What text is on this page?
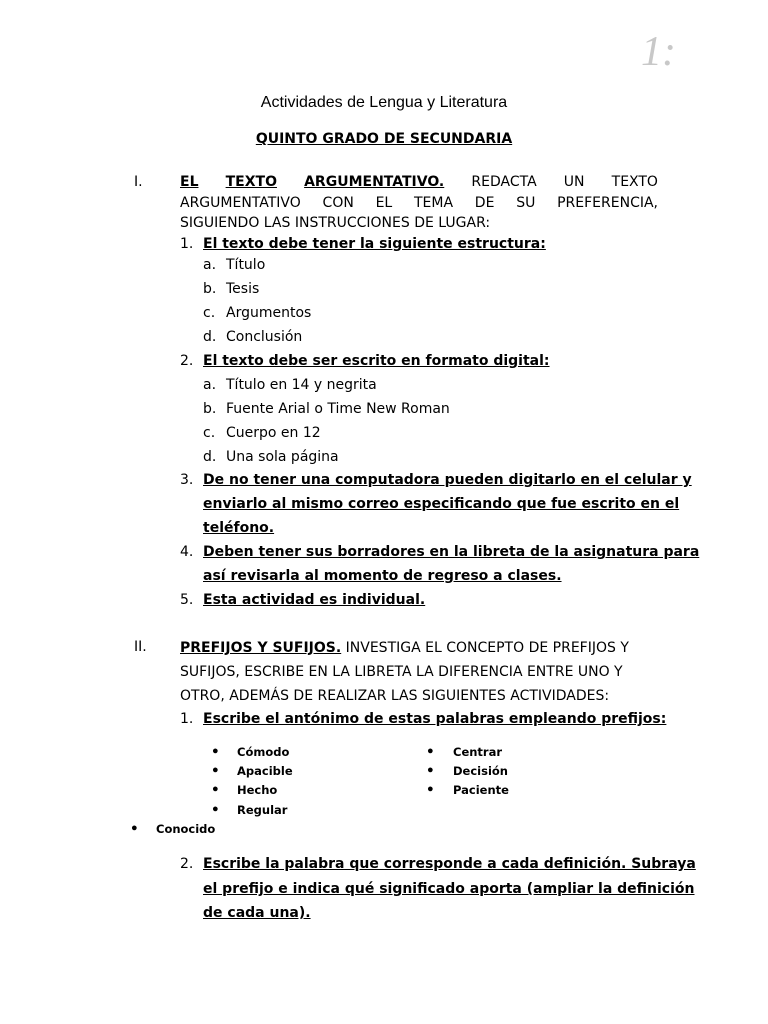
1:
Actividades de Lengua y Literatura
QUINTO GRADO DE SECUNDARIA
I.	EL TEXTO ARGUMENTATIVO. REDACTA UN TEXTO
ARGUMENTATIVO CON EL TEMA DE SU PREFERENCIA,
SIGUIENDO LAS INSTRUCCIONES DE LUGAR:
1. El texto debe tener la siguiente estructura:
a. Título
b. Tesis
c. Argumentos
d. Conclusión
2. El texto debe ser escrito en formato digital:
a. Título en 14 y negrita
b. Fuente Arial o Time New Roman
c. Cuerpo en 12
d. Una sola página
3. De no tener una computadora pueden digitarlo en el celular y
enviarlo al mismo correo especificando que fue escrito en el
teléfono.
4. Deben tener sus borradores en la libreta de la asignatura para
así revisarla al momento de regreso a clases.
5. Esta actividad es individual.
II. PREFIJOS Y SUFIJOS. INVESTIGA EL CONCEPTO DE PREFIJOS Y
SUFIJOS, ESCRIBE EN LA LIBRETA LA DIFERENCIA ENTRE UNO Y
OTRO, ADEMÁS DE REALIZAR LAS SIGUIENTES ACTIVIDADES:
1. Escribe el antónimo de estas palabras empleando prefijos:
● Cómodo
● Apacible
● Hecho
● Regular
● Centrar
● Decisión
● Paciente
● Conocido
2. Escribe la palabra que corresponde a cada definición. Subraya
el prefijo e indica qué significado aporta (ampliar la definición
de cada una).
